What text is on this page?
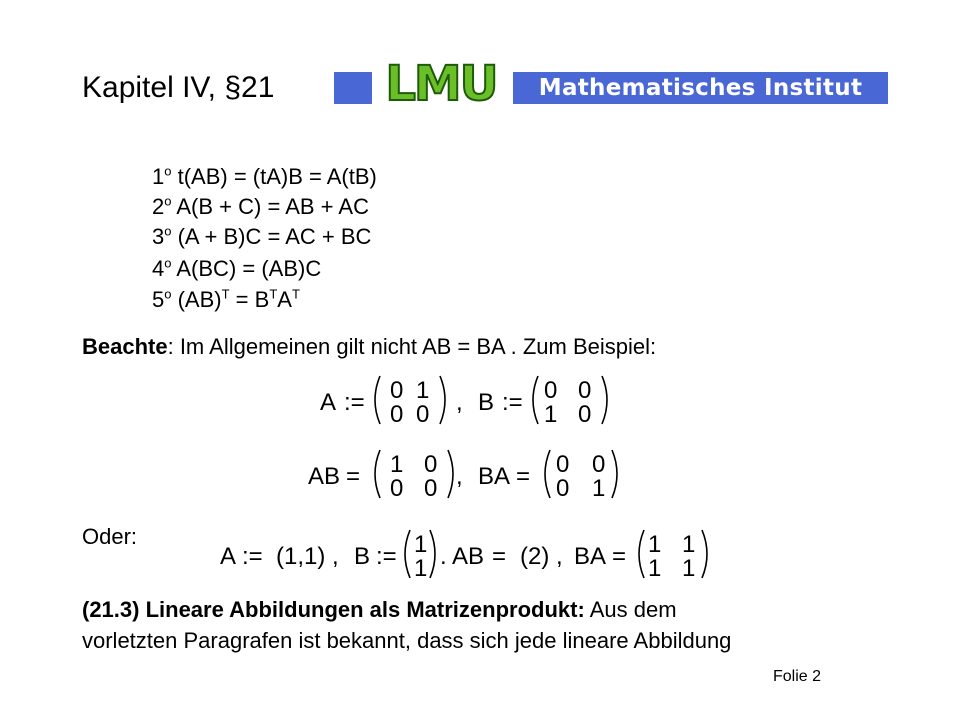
Kapitel IV, §21 LMU Mathematisches Institut
1$^o$ t(AB) = (tA)B = A(tB)
2$^o$ A(B + C) = AB + AC
3$^o$ (A + B)C = AC + BC
4$^o$ A(BC) = (AB)C
5$^o$ $(AB)^T = B^TA^T$
Beachte: Im Allgemeinen gilt nicht AB = BA . Zum Beispiel:
A := 0 1
0 0 , B := 0 0
1 0
AB = 1 0
0 0 , BA = 0 0
0 1
Oder:
A := (1,1) , B := 1
1 . AB = (2) , BA = 1 1
1 1
(21.3) Lineare Abbildungen als Matrizenprodukt: Aus dem
vorletzten Paragrafen ist bekannt, dass sich jede lineare Abbildung
Folie 2
